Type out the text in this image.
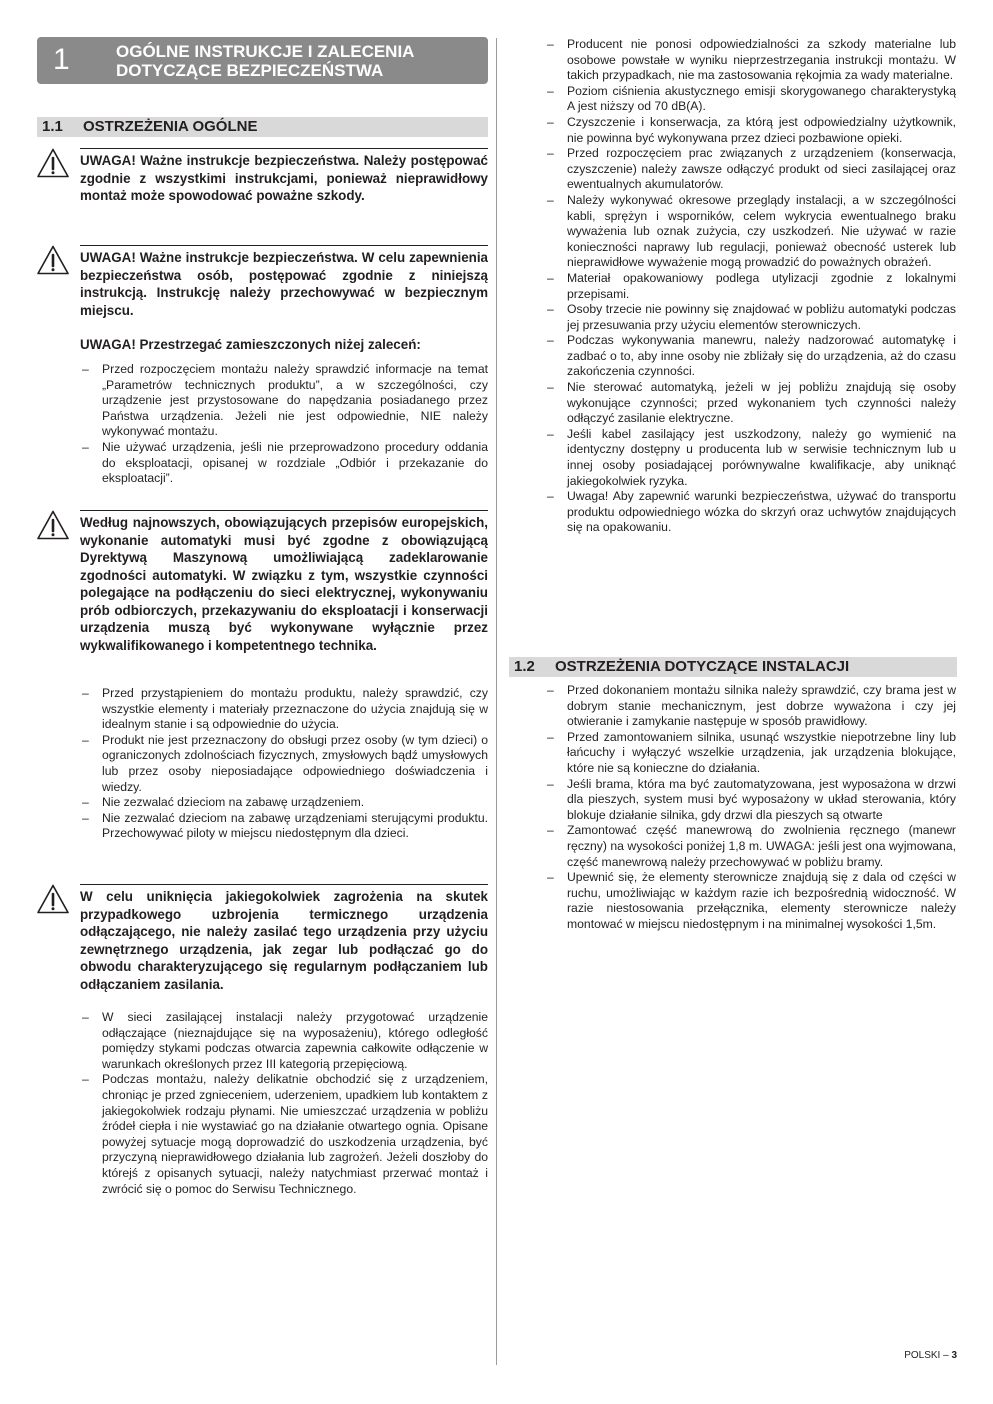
1	OGÓLNE INSTRUKCJE I ZALECENIA
DOTYCZĄCE BEZPIECZEŃSTWA
1.1 OSTRZEŻENIA OGÓLNE

UWAGA! Ważne instrukcje bezpieczeństwa. Należy postępować zgodnie z wszystkimi instrukcjami, ponieważ nieprawidłowy montaż może spowodować poważne szkody.

UWAGA! Ważne instrukcje bezpieczeństwa. W celu zapewnienia bezpieczeństwa osób, postępować zgodnie z niniejszą instrukcją. Instrukcję należy przechowywać w bezpiecznym miejscu.

UWAGA! Przestrzegać zamieszczonych niżej zaleceń:

– Przed rozpoczęciem montażu należy sprawdzić informacje na temat „Parametrów technicznych produktu”, a w szczególności, czy urządzenie jest przystosowane do napędzania posiadanego przez Państwa urządzenia. Jeżeli nie jest odpowiednie, NIE należy wykonywać montażu.
– Nie używać urządzenia, jeśli nie przeprowadzono procedury oddania do eksploatacji, opisanej w rozdziale „Odbiór i przekazanie do eksploatacji”.

Według najnowszych, obowiązujących przepisów europejskich, wykonanie automatyki musi być zgodne z obowiązującą Dyrektywą Maszynową umożliwiającą zadeklarowanie zgodności automatyki. W związku z tym, wszystkie czynności polegające na podłączeniu do sieci elektrycznej, wykonywaniu prób odbiorczych, przekazywaniu do eksploatacji i konserwacji urządzenia muszą być wykonywane wyłącznie przez wykwalifikowanego i kompetentnego technika.

– Przed przystąpieniem do montażu produktu, należy sprawdzić, czy wszystkie elementy i materiały przeznaczone do użycia znajdują się w idealnym stanie i są odpowiednie do użycia.
– Produkt nie jest przeznaczony do obsługi przez osoby (w tym dzieci) o ograniczonych zdolnościach fizycznych, zmysłowych bądź umysłowych lub przez osoby nieposiadające odpowiedniego doświadczenia i wiedzy.
– Nie zezwalać dzieciom na zabawę urządzeniem.
– Nie zezwalać dzieciom na zabawę urządzeniami sterującymi produktu. Przechowywać piloty w miejscu niedostępnym dla dzieci.

W celu uniknięcia jakiegokolwiek zagrożenia na skutek przypadkowego uzbrojenia termicznego urządzenia odłączającego, nie należy zasilać tego urządzenia przy użyciu zewnętrznego urządzenia, jak zegar lub podłączać go do obwodu charakteryzującego się regularnym podłączaniem lub odłączaniem zasilania.

– W sieci zasilającej instalacji należy przygotować urządzenie odłączające (nieznajdujące się na wyposażeniu), którego odległość pomiędzy stykami podczas otwarcia zapewnia całkowite odłączenie w warunkach określonych przez III kategorią przepięciową.
– Podczas montażu, należy delikatnie obchodzić się z urządzeniem, chroniąc je przed zgnieceniem, uderzeniem, upadkiem lub kontaktem z jakiegokolwiek rodzaju płynami. Nie umieszczać urządzenia w pobliżu źródeł ciepła i nie wystawiać go na działanie otwartego ognia. Opisane powyżej sytuacje mogą doprowadzić do uszkodzenia urządzenia, być przyczyną nieprawidłowego działania lub zagrożeń. Jeżeli doszłoby do którejś z opisanych sytuacji, należy natychmiast przerwać montaż i zwrócić się o pomoc do Serwisu Technicznego.
– Producent nie ponosi odpowiedzialności za szkody materialne lub osobowe powstałe w wyniku nieprzestrzegania instrukcji montażu. W takich przypadkach, nie ma zastosowania rękojmia za wady materialne.
– Poziom ciśnienia akustycznego emisji skorygowanego charakterystyką A jest niższy od 70 dB(A).
– Czyszczenie i konserwacja, za którą jest odpowiedzialny użytkownik, nie powinna być wykonywana przez dzieci pozbawione opieki.
– Przed rozpoczęciem prac związanych z urządzeniem (konserwacja, czyszczenie) należy zawsze odłączyć produkt od sieci zasilającej oraz ewentualnych akumulatorów.
– Należy wykonywać okresowe przeglądy instalacji, a w szczególności kabli, sprężyn i wsporników, celem wykrycia ewentualnego braku wyważenia lub oznak zużycia, czy uszkodzeń. Nie używać w razie konieczności naprawy lub regulacji, ponieważ obecność usterek lub nieprawidłowe wyważenie mogą prowadzić do poważnych obrażeń.
– Materiał opakowaniowy podlega utylizacji zgodnie z lokalnymi przepisami.
– Osoby trzecie nie powinny się znajdować w pobliżu automatyki podczas jej przesuwania przy użyciu elementów sterowniczych.
– Podczas wykonywania manewru, należy nadzorować automatykę i zadbać o to, aby inne osoby nie zbliżały się do urządzenia, aż do czasu zakończenia czynności.
– Nie sterować automatyką, jeżeli w jej pobliżu znajdują się osoby wykonujące czynności; przed wykonaniem tych czynności należy odłączyć zasilanie elektryczne.
– Jeśli kabel zasilający jest uszkodzony, należy go wymienić na identyczny dostępny u producenta lub w serwisie technicznym lub u innej osoby posiadającej porównywalne kwalifikacje, aby uniknąć jakiegokolwiek ryzyka.
– Uwaga! Aby zapewnić warunki bezpieczeństwa, używać do transportu produktu odpowiedniego wózka do skrzyń oraz uchwytów znajdujących się na opakowaniu.
1.2 OSTRZEŻENIA DOTYCZĄCE INSTALACJI
– Przed dokonaniem montażu silnika należy sprawdzić, czy brama jest w dobrym stanie mechanicznym, jest dobrze wyważona i czy jej otwieranie i zamykanie następuje w sposób prawidłowy.
– Przed zamontowaniem silnika, usunąć wszystkie niepotrzebne liny lub łańcuchy i wyłączyć wszelkie urządzenia, jak urządzenia blokujące, które nie są konieczne do działania.
– Jeśli brama, która ma być zautomatyzowana, jest wyposażona w drzwi dla pieszych, system musi być wyposażony w układ sterowania, który blokuje działanie silnika, gdy drzwi dla pieszych są otwarte
– Zamontować część manewrową do zwolnienia ręcznego (manewr ręczny) na wysokości poniżej 1,8 m. UWAGA: jeśli jest ona wyjmowana, część manewrową należy przechowywać w pobliżu bramy.
– Upewnić się, że elementy sterownicze znajdują się z dala od części w ruchu, umożliwiając w każdym razie ich bezpośrednią widoczność. W razie niestosowania przełącznika, elementy sterownicze należy montować w miejscu niedostępnym i na minimalnej wysokości 1,5m.
POLSKI – 3
